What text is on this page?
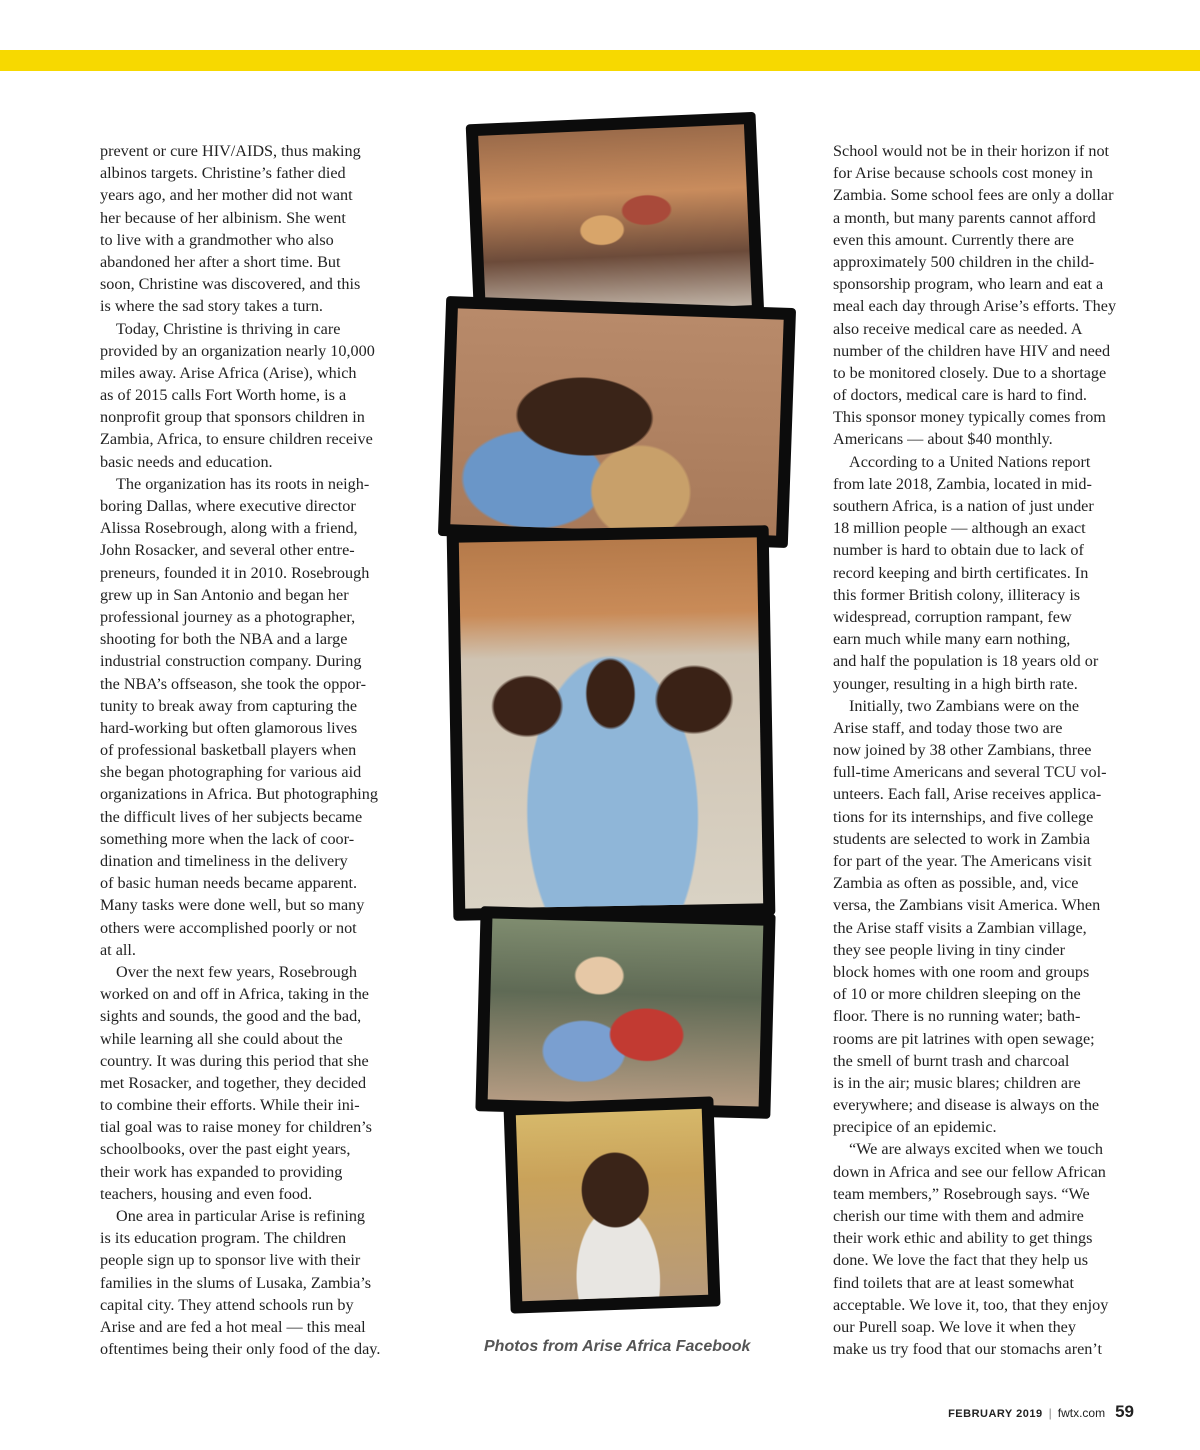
prevent or cure HIV/AIDS, thus making
albinos targets. Christine’s father died
years ago, and her mother did not want
her because of her albinism. She went
to live with a grandmother who also
abandoned her after a short time. But
soon, Christine was discovered, and this
is where the sad story takes a turn.
Today, Christine is thriving in care
provided by an organization nearly 10,000
miles away. Arise Africa (Arise), which
as of 2015 calls Fort Worth home, is a
nonprofit group that sponsors children in
Zambia, Africa, to ensure children receive
basic needs and education.
The organization has its roots in neigh-
boring Dallas, where executive director
Alissa Rosebrough, along with a friend,
John Rosacker, and several other entre-
preneurs, founded it in 2010. Rosebrough
grew up in San Antonio and began her
professional journey as a photographer,
shooting for both the NBA and a large
industrial construction company. During
the NBA’s offseason, she took the oppor-
tunity to break away from capturing the
hard-working but often glamorous lives
of professional basketball players when
she began photographing for various aid
organizations in Africa. But photographing
the difficult lives of her subjects became
something more when the lack of coor-
dination and timeliness in the delivery
of basic human needs became apparent.
Many tasks were done well, but so many
others were accomplished poorly or not
at all.
Over the next few years, Rosebrough
worked on and off in Africa, taking in the
sights and sounds, the good and the bad,
while learning all she could about the
country. It was during this period that she
met Rosacker, and together, they decided
to combine their efforts. While their ini-
tial goal was to raise money for children’s
schoolbooks, over the past eight years,
their work has expanded to providing
teachers, housing and even food.
One area in particular Arise is refining
is its education program. The children
people sign up to sponsor live with their
families in the slums of Lusaka, Zambia’s
capital city. They attend schools run by
Arise and are fed a hot meal — this meal
oftentimes being their only food of the day.
School would not be in their horizon if not
for Arise because schools cost money in
Zambia. Some school fees are only a dollar
a month, but many parents cannot afford
even this amount. Currently there are
approximately 500 children in the child-
sponsorship program, who learn and eat a
meal each day through Arise’s efforts. They
also receive medical care as needed. A
number of the children have HIV and need
to be monitored closely. Due to a shortage
of doctors, medical care is hard to find.
This sponsor money typically comes from
Americans — about $40 monthly.
According to a United Nations report
from late 2018, Zambia, located in mid-
southern Africa, is a nation of just under
18 million people — although an exact
number is hard to obtain due to lack of
record keeping and birth certificates. In
this former British colony, illiteracy is
widespread, corruption rampant, few
earn much while many earn nothing,
and half the population is 18 years old or
younger, resulting in a high birth rate.
Initially, two Zambians were on the
Arise staff, and today those two are
now joined by 38 other Zambians, three
full-time Americans and several TCU vol-
unteers. Each fall, Arise receives applica-
tions for its internships, and five college
students are selected to work in Zambia
for part of the year. The Americans visit
Zambia as often as possible, and, vice
versa, the Zambians visit America. When
the Arise staff visits a Zambian village,
they see people living in tiny cinder
block homes with one room and groups
of 10 or more children sleeping on the
floor. There is no running water; bath-
rooms are pit latrines with open sewage;
the smell of burnt trash and charcoal
is in the air; music blares; children are
everywhere; and disease is always on the
precipice of an epidemic.
“We are always excited when we touch
down in Africa and see our fellow African
team members,” Rosebrough says. “We
cherish our time with them and admire
their work ethic and ability to get things
done. We love the fact that they help us
find toilets that are at least somewhat
acceptable. We love it, too, that they enjoy
our Purell soap. We love it when they
make us try food that our stomachs aren’t
Photos from Arise Africa Facebook
FEBRUARY 2019 | fwtx.com 59
